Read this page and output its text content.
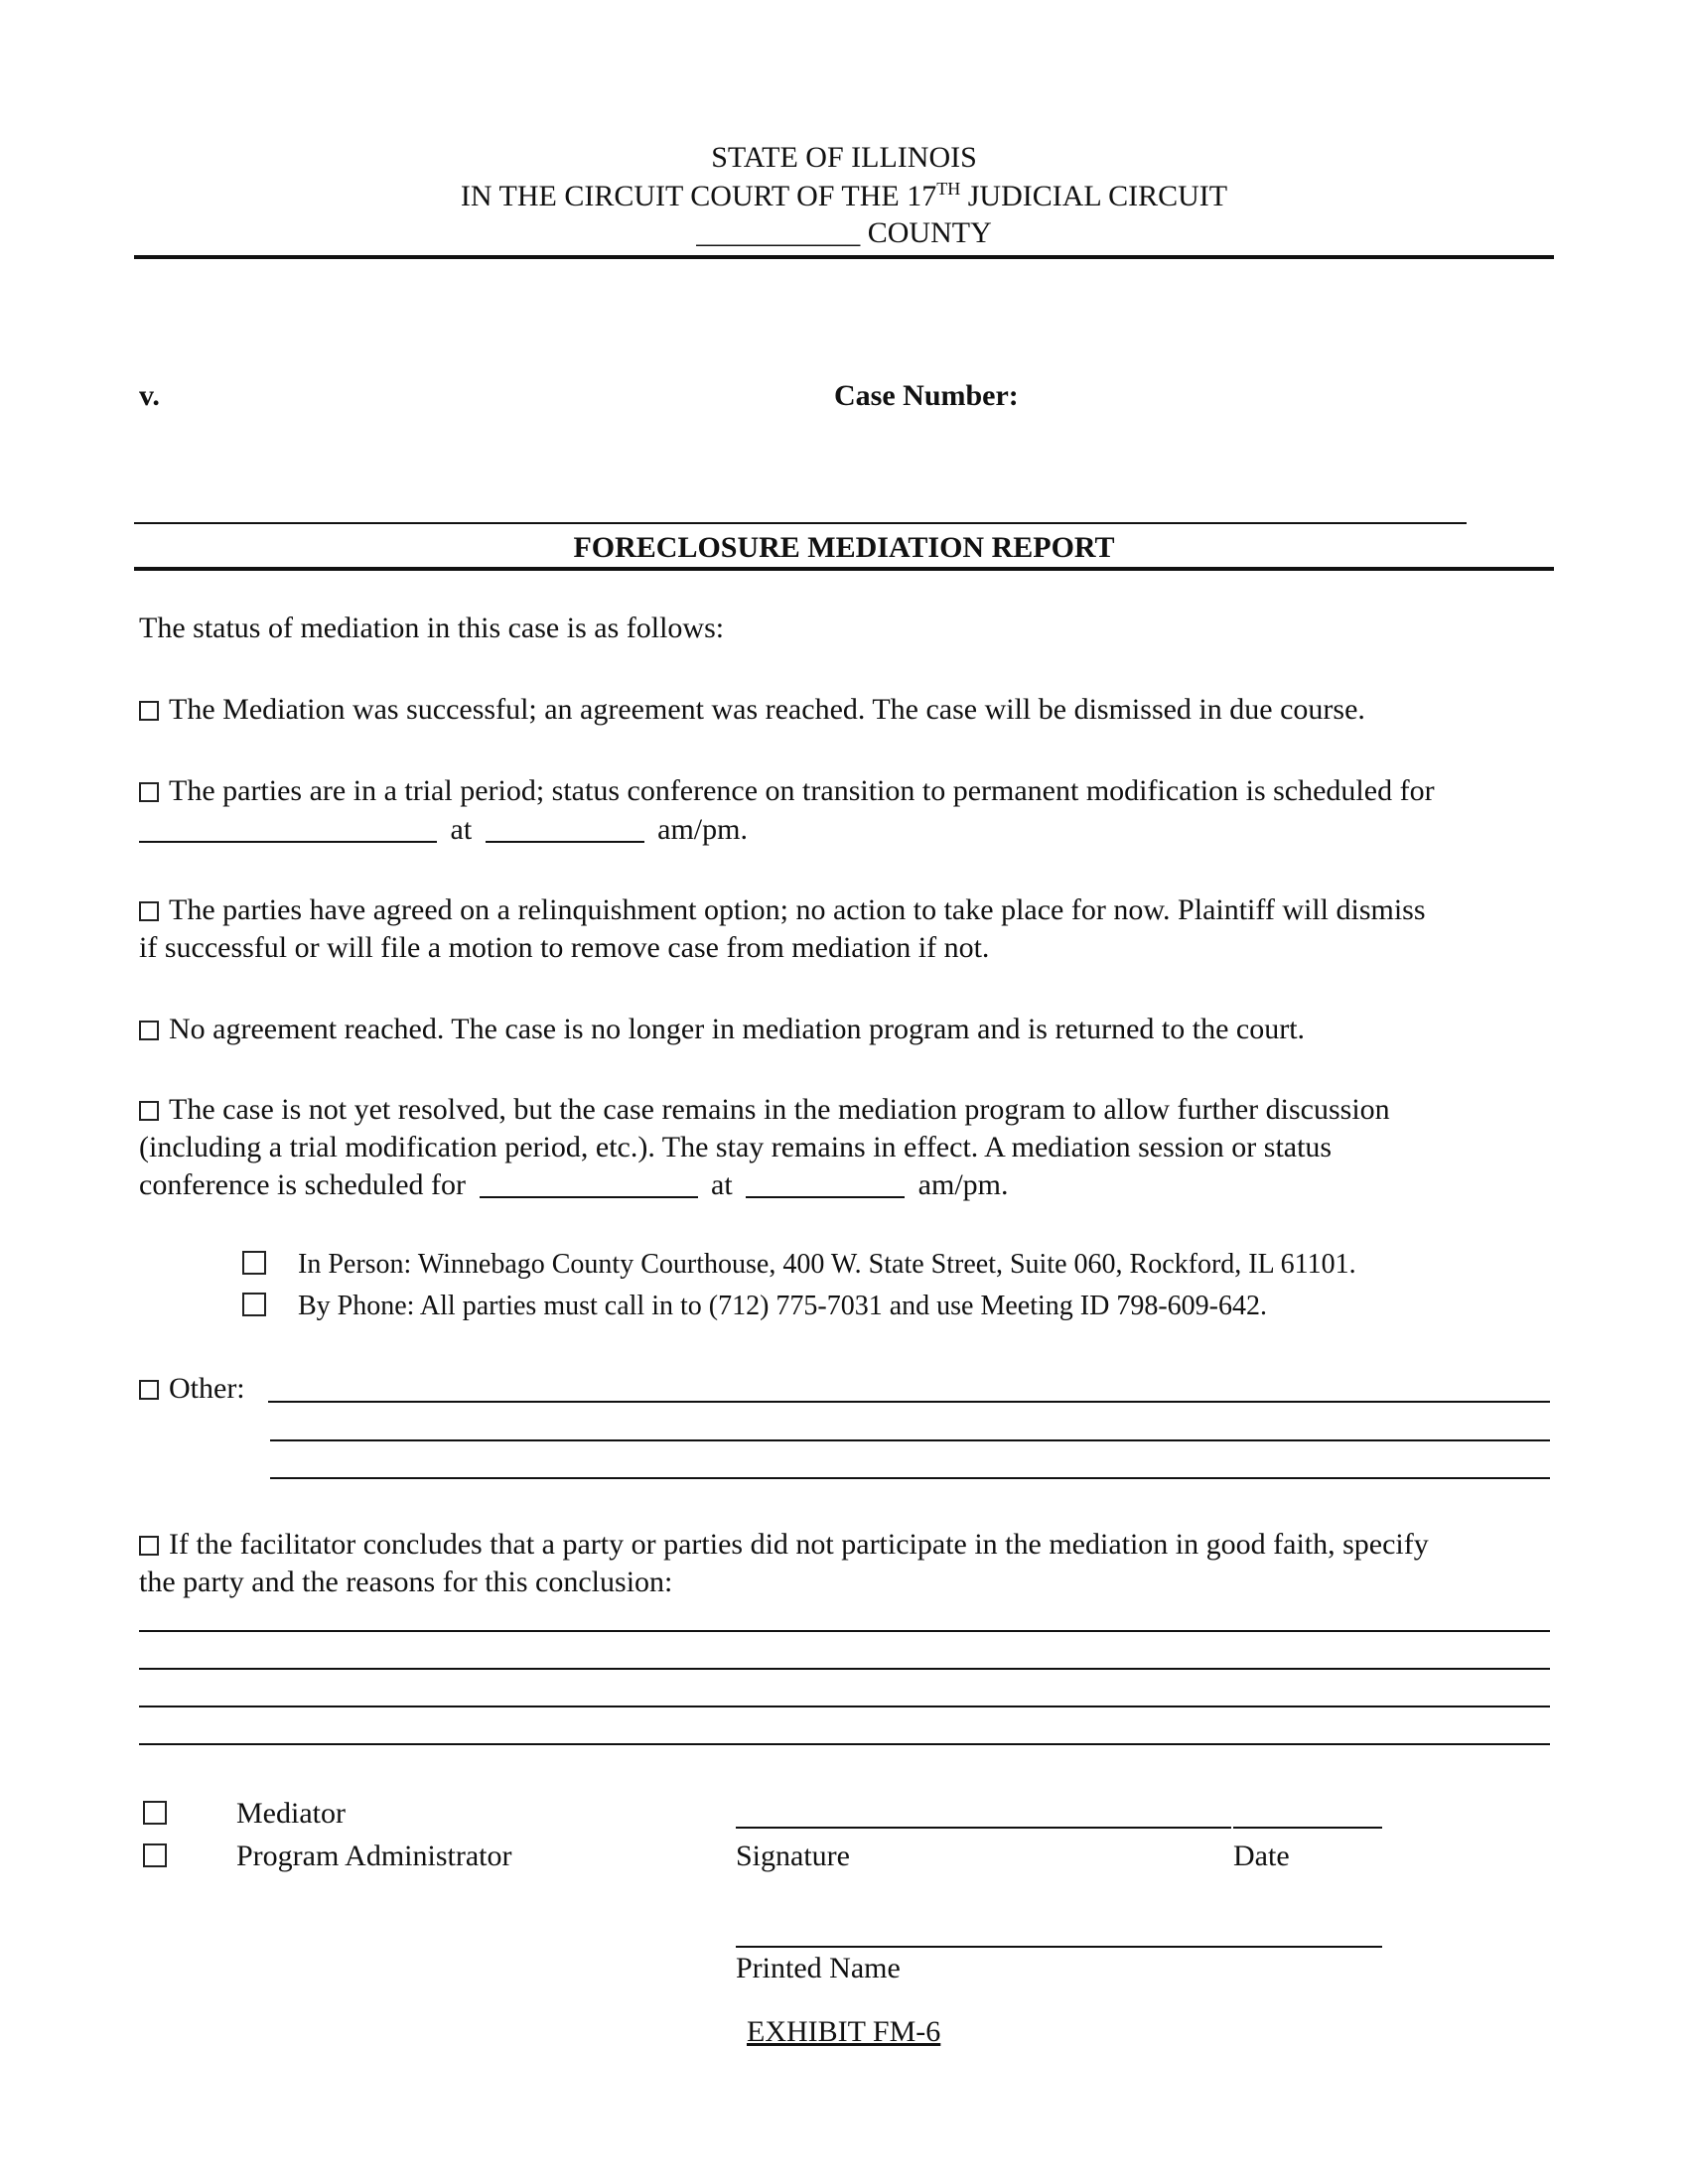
STATE OF ILLINOIS
IN THE CIRCUIT COURT OF THE 17TH JUDICIAL CIRCUIT
___________ COUNTY
v.	Case Number:
FORECLOSURE MEDIATION REPORT
The status of mediation in this case is as follows:
The Mediation was successful; an agreement was reached. The case will be dismissed in due course.
The parties are in a trial period; status conference on transition to permanent modification is scheduled for
at	am/pm.
The parties have agreed on a relinquishment option; no action to take place for now. Plaintiff will dismiss
if successful or will file a motion to remove case from mediation if not.
No agreement reached. The case is no longer in mediation program and is returned to the court.
The case is not yet resolved, but the case remains in the mediation program to allow further discussion
(including a trial modification period, etc.). The stay remains in effect. A mediation session or status
conference is scheduled for	at	am/pm.
In Person: Winnebago County Courthouse, 400 W. State Street, Suite 060, Rockford, IL 61101.
By Phone: All parties must call in to (712) 775-7031 and use Meeting ID 798-609-642.
Other:
If the facilitator concludes that a party or parties did not participate in the mediation in good faith, specify
the party and the reasons for this conclusion:
Mediator
Program Administrator	Signature	Date
Printed Name
EXHIBIT FM-6
